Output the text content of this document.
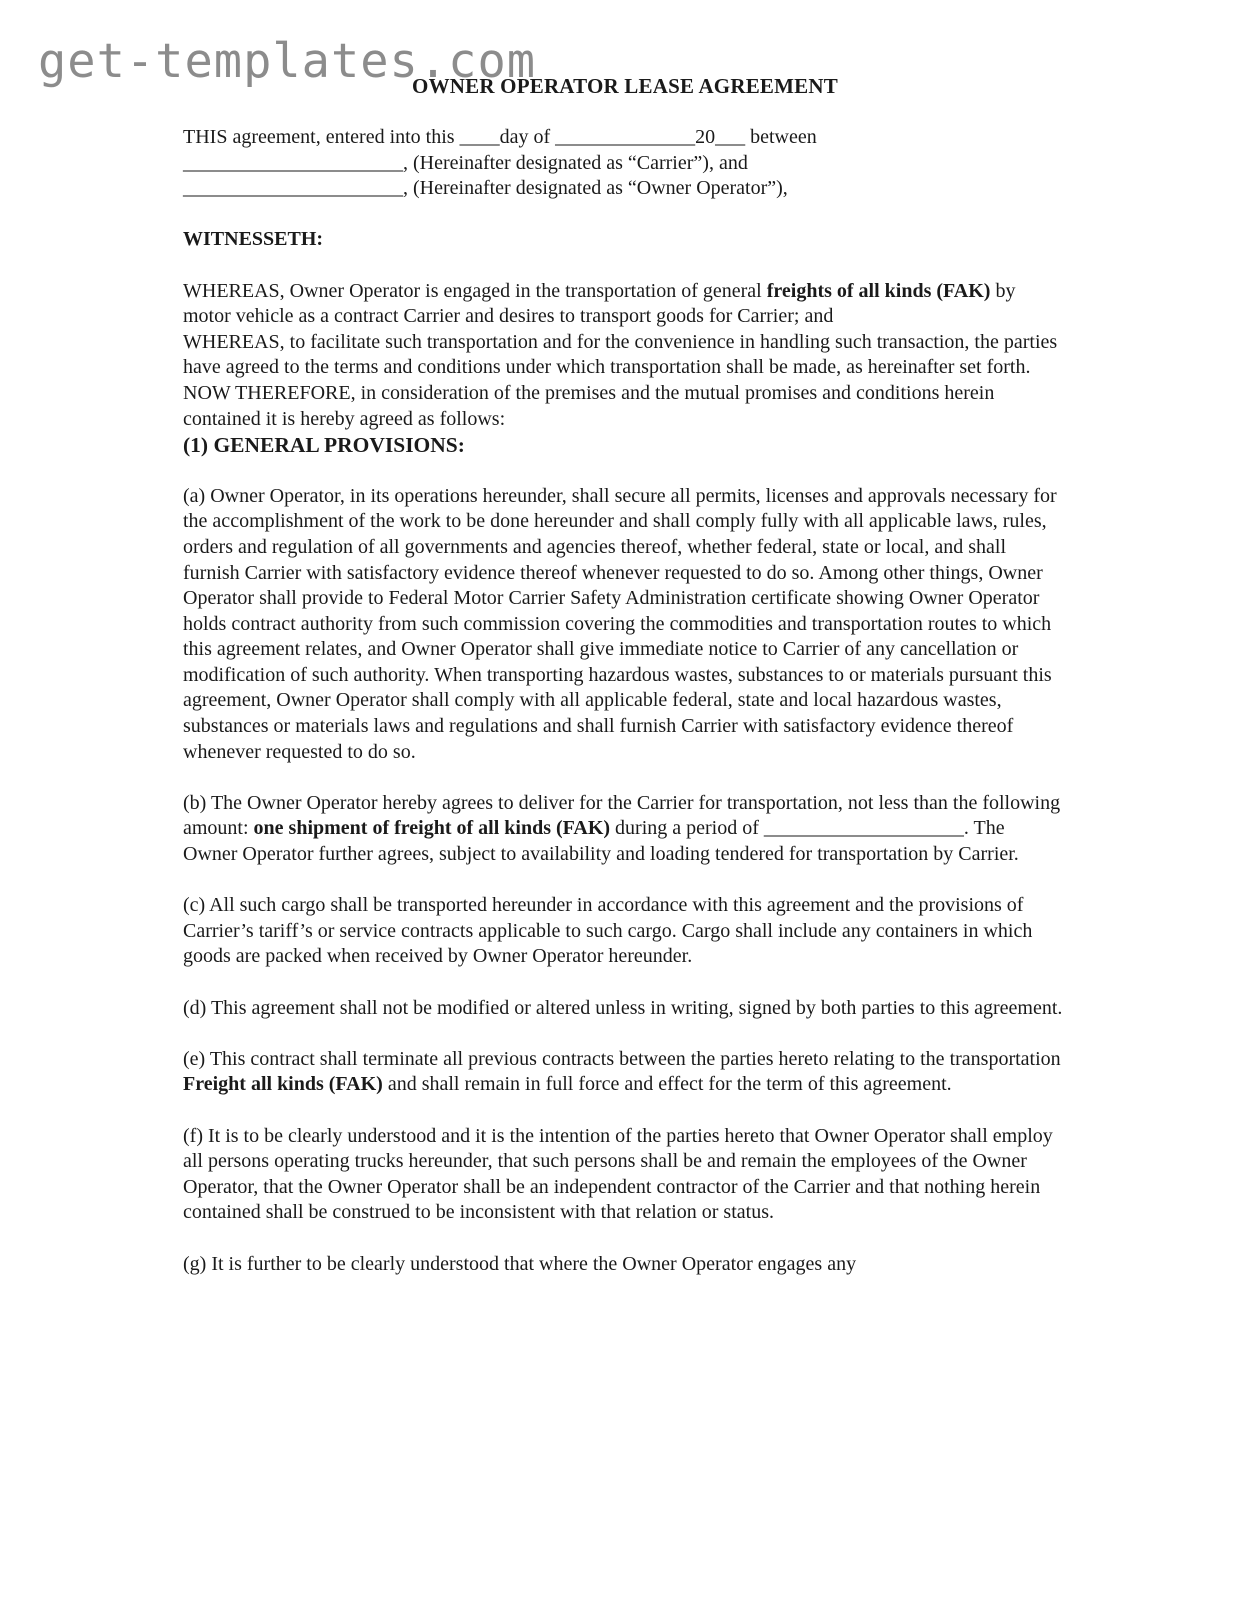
get-templates.com
OWNER OPERATOR LEASE AGREEMENT

THIS agreement, entered into this ____day of ______________20___ between

______________________, (Hereinafter designated as “Carrier”), and

______________________, (Hereinafter designated as “Owner Operator”),

WITNESSETH:

WHEREAS, Owner Operator is engaged in the transportation of general freights of all kinds (FAK) by motor vehicle as a contract Carrier and desires to transport goods for Carrier; and

WHEREAS, to facilitate such transportation and for the convenience in handling such transaction, the parties have agreed to the terms and conditions under which transportation shall be made, as hereinafter set forth.

NOW THEREFORE, in consideration of the premises and the mutual promises and conditions herein contained it is hereby agreed as follows:

(1) GENERAL PROVISIONS:

(a) Owner Operator, in its operations hereunder, shall secure all permits, licenses and approvals necessary for the accomplishment of the work to be done hereunder and shall comply fully with all applicable laws, rules, orders and regulation of all governments and agencies thereof, whether federal, state or local, and shall furnish Carrier with satisfactory evidence thereof whenever requested to do so. Among other things, Owner Operator shall provide to Federal Motor Carrier Safety Administration certificate showing Owner Operator holds contract authority from such commission covering the commodities and transportation routes to which this agreement relates, and Owner Operator shall give immediate notice to Carrier of any cancellation or modification of such authority. When transporting hazardous wastes, substances to or materials pursuant this agreement, Owner Operator shall comply with all applicable federal, state and local hazardous wastes, substances or materials laws and regulations and shall furnish Carrier with satisfactory evidence thereof whenever requested to do so.

(b) The Owner Operator hereby agrees to deliver for the Carrier for transportation, not less than the following amount: one shipment of freight of all kinds (FAK) during a period of ____________________. The Owner Operator further agrees, subject to availability and loading tendered for transportation by Carrier.

(c) All such cargo shall be transported hereunder in accordance with this agreement and the provisions of Carrier’s tariff’s or service contracts applicable to such cargo. Cargo shall include any containers in which goods are packed when received by Owner Operator hereunder.

(d) This agreement shall not be modified or altered unless in writing, signed by both parties to this agreement.

(e) This contract shall terminate all previous contracts between the parties hereto relating to the transportation Freight all kinds (FAK) and shall remain in full force and effect for the term of this agreement.

(f) It is to be clearly understood and it is the intention of the parties hereto that Owner Operator shall employ all persons operating trucks hereunder, that such persons shall be and remain the employees of the Owner Operator, that the Owner Operator shall be an independent contractor of the Carrier and that nothing herein contained shall be construed to be inconsistent with that relation or status.

(g) It is further to be clearly understood that where the Owner Operator engages any
